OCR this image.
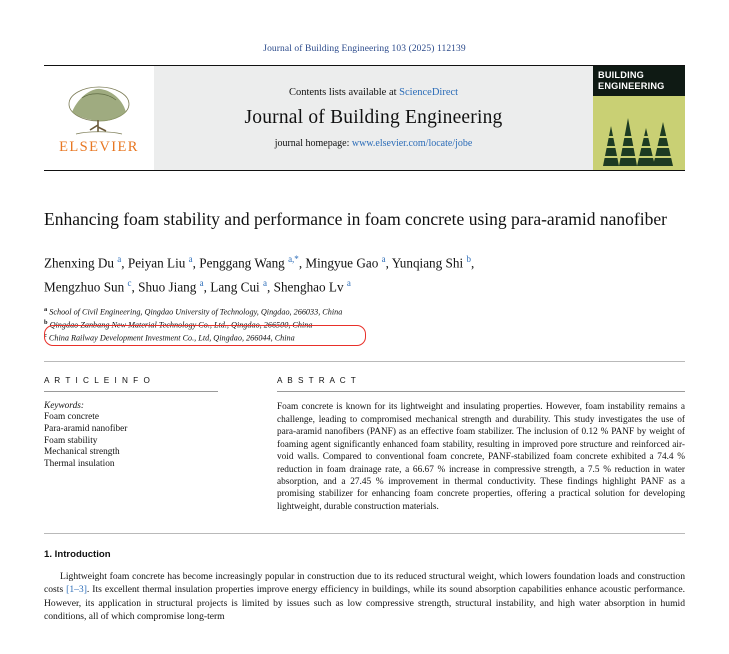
Journal of Building Engineering 103 (2025) 112139
ELSEVIER
Contents lists available at ScienceDirect
Journal of Building Engineering
journal homepage: www.elsevier.com/locate/jobe
BUILDING
ENGINEERING
Enhancing foam stability and performance in foam concrete using para-aramid nanofiber
Zhenxing Du $^a$, Peiyan Liu $^a$, Penggang Wang $^{a,*}$, Mingyue Gao $^a$, Yunqiang Shi $^b$,
Mengzhuo Sun $^c$, Shuo Jiang $^a$, Lang Cui $^a$, Shenghao Lv $^a$
$^a$ School of Civil Engineering, Qingdao University of Technology, Qingdao, 266033, China
$^b$ Qingdao Zanbang New Material Technology Co., Ltd., Qingdao, 266500, China
$^c$ China Railway Development Investment Co., Ltd, Qingdao, 266044, China
A R T I C L E I N F O
Keywords:
Foam concrete
Para-aramid nanofiber
Foam stability
Mechanical strength
Thermal insulation
A B S T R A C T
Foam concrete is known for its lightweight and insulating properties. However, foam instability remains a challenge, leading to compromised mechanical strength and durability. This study investigates the use of para-aramid nanofibers (PANF) as an effective foam stabilizer. The inclusion of 0.12 % PANF by weight of foaming agent significantly enhanced foam stability, resulting in improved pore structure and reinforced air-void walls. Compared to conventional foam concrete, PANF-stabilized foam concrete exhibited a 74.4 % reduction in foam drainage rate, a 66.67 % increase in compressive strength, a 7.5 % reduction in water absorption, and a 27.45 % improvement in thermal conductivity. These findings highlight PANF as a promising stabilizer for enhancing foam concrete properties, offering a practical solution for developing lightweight, durable construction materials.
1. Introduction
Lightweight foam concrete has become increasingly popular in construction due to its reduced structural weight, which lowers foundation loads and construction costs [1–3]. Its excellent thermal insulation properties improve energy efficiency in buildings, while its sound absorption capabilities enhance acoustic performance. However, its application in structural projects is limited by issues such as low compressive strength, structural instability, and high water absorption in humid conditions, all of which compromise long-term
